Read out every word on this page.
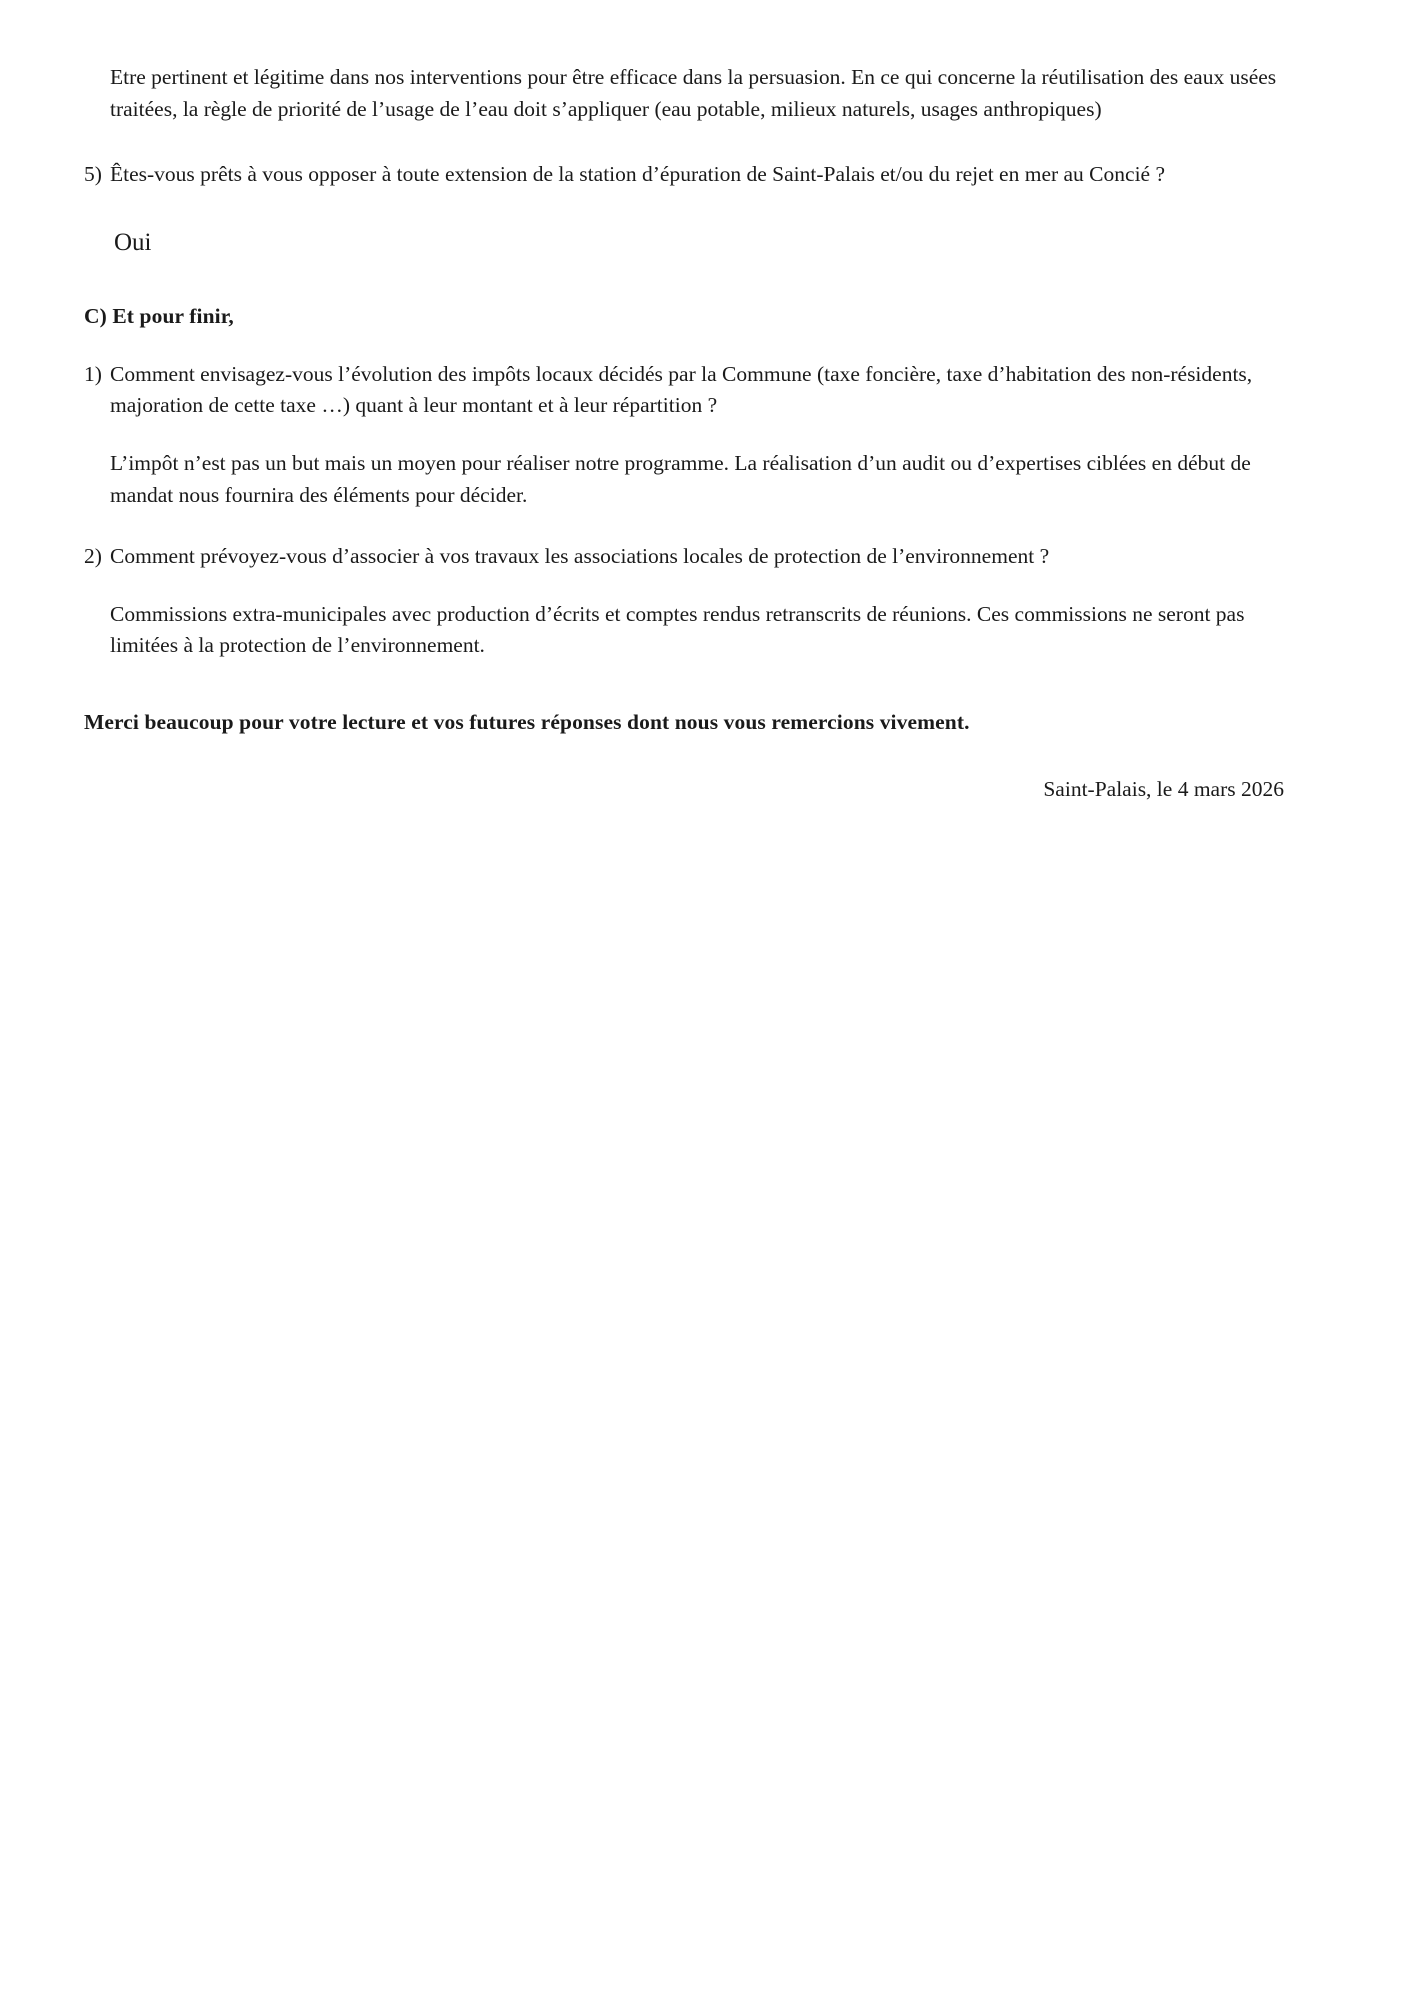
Etre pertinent et légitime dans nos interventions pour être efficace dans la persuasion. En ce qui concerne la réutilisation des eaux usées traitées, la règle de priorité de l’usage de l’eau doit s’appliquer (eau potable, milieux naturels, usages anthropiques)

5) Êtes-vous prêts à vous opposer à toute extension de la station d’épuration de Saint-Palais et/ou du rejet en mer au Concié ?

Oui

C) Et pour finir,

1) Comment envisagez-vous l’évolution des impôts locaux décidés par la Commune (taxe foncière, taxe d’habitation des non-résidents, majoration de cette taxe …) quant à leur montant et à leur répartition ?

L’impôt n’est pas un but mais un moyen pour réaliser notre programme. La réalisation d’un audit ou d’expertises ciblées en début de mandat nous fournira des éléments pour décider.

2) Comment prévoyez-vous d’associer à vos travaux les associations locales de protection de l’environnement ?

Commissions extra-municipales avec production d’écrits et comptes rendus retranscrits de réunions. Ces commissions ne seront pas limitées à la protection de l’environnement.

Merci beaucoup pour votre lecture et vos futures réponses dont nous vous remercions vivement.

Saint-Palais, le 4 mars 2026
